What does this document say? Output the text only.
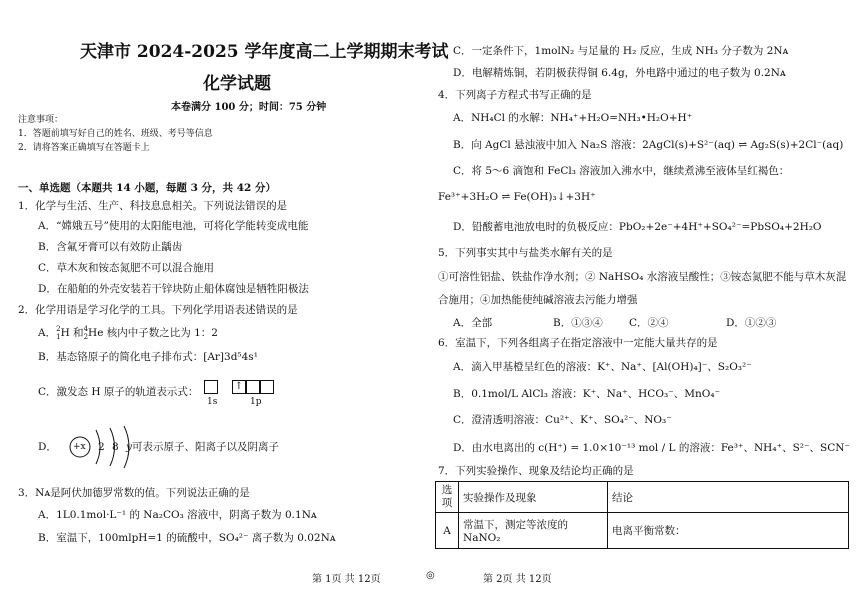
天津市 2024-2025 学年度高二上学期期末考试
化学试题
本卷满分 100 分；时间：75 分钟
注意事项：
1．答题前填写好自己的姓名、班级、考号等信息
2．请将答案正确填写在答题卡上
一、单选题（本题共 14 小题，每题 3 分，共 42 分）
1．化学与生活、生产、科技息息相关。下列说法错误的是
A．“嫦娥五号”使用的太阳能电池，可将化学能转变成电能
B．含氟牙膏可以有效防止龋齿
C．草木灰和铵态氮肥不可以混合施用
D．在船舶的外壳安装若干锌块防止船体腐蚀是牺牲阳极法
2．化学用语是学习化学的工具。下列化学用语表述错误的是
A．2
1H 和4
2He 核内中子数之比为 1：2
B．基态铬原子的简化电子排布式：[Ar]3d⁵4s¹
C．激发态 H 原子的轨道表示式：	↑
1s	1p
D． +x 2 8 y 可表示原子、阳离子以及阴离子
3．Nᴀ是阿伏加德罗常数的值。下列说法正确的是
A．1L0.1mol·L⁻¹ 的 Na₂CO₃ 溶液中，阴离子数为 0.1Nᴀ
B．室温下，100mlpH=1 的硫酸中，SO₄²⁻ 离子数为 0.02Nᴀ
C．一定条件下，1molN₂ 与足量的 H₂ 反应，生成 NH₃ 分子数为 2Nᴀ
D．电解精炼铜，若阴极获得铜 6.4g，外电路中通过的电子数为 0.2Nᴀ
4．下列离子方程式书写正确的是
A．NH₄Cl 的水解：NH₄⁺+H₂O=NH₃•H₂O+H⁺
B．向 AgCl 悬浊液中加入 Na₂S 溶液：2AgCl(s)+S²⁻(aq) ⇌ Ag₂S(s)+2Cl⁻(aq)
C．将 5～6 滴饱和 FeCl₃ 溶液加入沸水中，继续煮沸至液体呈红褐色：
Fe³⁺+3H₂O ⇌ Fe(OH)₃↓+3H⁺
D．铅酸蓄电池放电时的负极反应：PbO₂+2e⁻+4H⁺+SO₄²⁻=PbSO₄+2H₂O
5．下列事实其中与盐类水解有关的是
①可溶性铝盐、铁盐作净水剂；② NaHSO₄ 水溶液呈酸性；③铵态氮肥不能与草木灰混
合施用；④加热能使纯碱溶液去污能力增强
A．全部	B．①③④	C．②④	D．①②③
6．室温下，下列各组离子在指定溶液中一定能大量共存的是
A．滴入甲基橙呈红色的溶液：K⁺、Na⁺、[Al(OH)₄]⁻、S₂O₃²⁻
B．0.1mol/L AlCl₃ 溶液：K⁺、Na⁺、HCO₃⁻、MnO₄⁻
C．澄清透明溶液：Cu²⁺、K⁺、SO₄²⁻、NO₃⁻
D．由水电离出的 c(H⁺) = 1.0×10⁻¹³ mol / L 的溶液：Fe³⁺、NH₄⁺、S²⁻、SCN⁻
7．下列实验操作、现象及结论均正确的是
选
项	实验操作及现象	结论
A	常温下，测定等浓度的 NaNO₂	电离平衡常数：
第 1页 共 12页	◎	第 2页 共 12页
